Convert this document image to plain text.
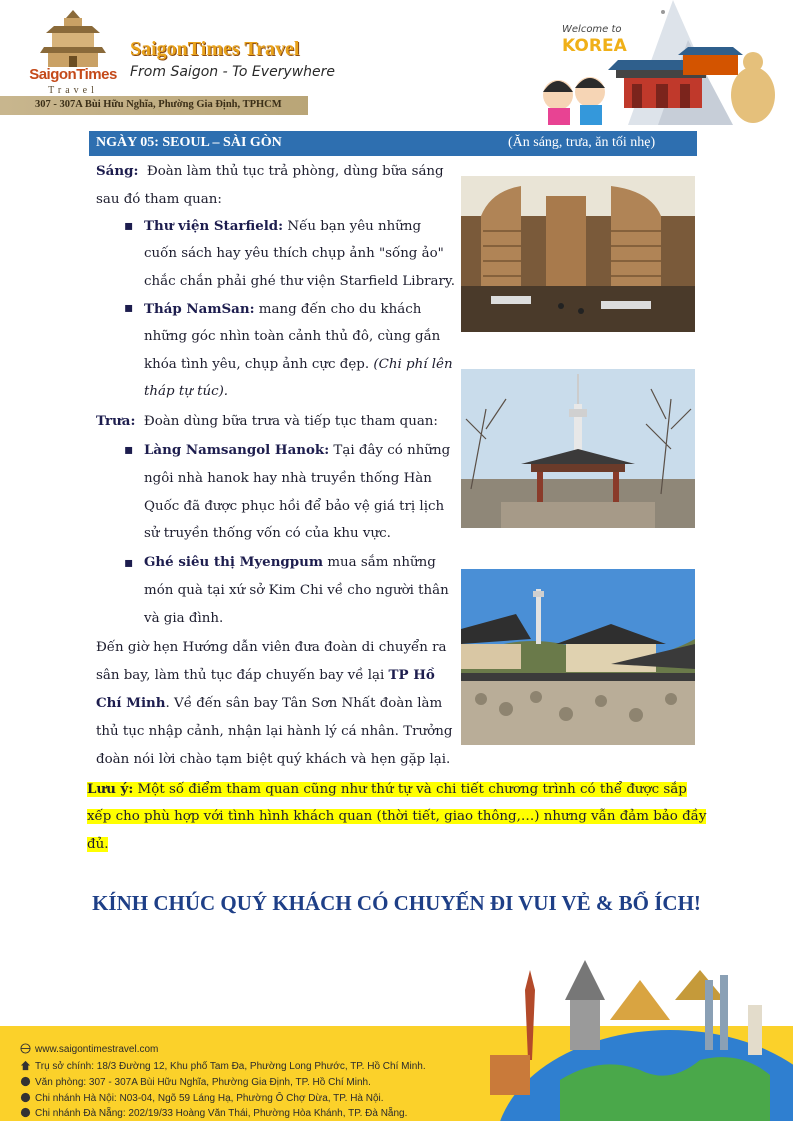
SaigonTimes
Travel
SaigonTimes Travel
From Saigon - To Everywhere
307 - 307A Bùi Hữu Nghĩa, Phường Gia Định, TPHCM
Welcome to
KOREA
NGÀY 05: SEOUL – SÀI GÒN	(Ăn sáng, trưa, ăn tối nhẹ)
Sáng: Đoàn làm thủ tục trả phòng, dùng bữa sáng
sau đó tham quan:
▪ Thư viện Starfield: Nếu bạn yêu những
cuốn sách hay yêu thích chụp ảnh "sống ảo"
chắc chắn phải ghé thư viện Starfield Library.
▪ Tháp NamSan: mang đến cho du khách
những góc nhìn toàn cảnh thủ đô, cùng gắn
khóa tình yêu, chụp ảnh cực đẹp. (Chi phí lên
tháp tự túc).
Trưa: Đoàn dùng bữa trưa và tiếp tục tham quan:
▪ Làng Namsangol Hanok: Tại đây có những
ngôi nhà hanok hay nhà truyền thống Hàn
Quốc đã được phục hồi để bảo vệ giá trị lịch
sử truyền thống vốn có của khu vực.
▪ Ghé siêu thị Myengpum mua sắm những
món quà tại xứ sở Kim Chi về cho người thân
và gia đình.
Đến giờ hẹn Hướng dẫn viên đưa đoàn di chuyển ra
sân bay, làm thủ tục đáp chuyến bay về lại TP Hồ
Chí Minh. Về đến sân bay Tân Sơn Nhất đoàn làm
thủ tục nhập cảnh, nhận lại hành lý cá nhân. Trưởng
đoàn nói lời chào tạm biệt quý khách và hẹn gặp lại.
Lưu ý: Một số điểm tham quan cũng như thứ tự và chi tiết chương trình có thể được sắp
xếp cho phù hợp với tình hình khách quan (thời tiết, giao thông,…) nhưng vẫn đảm bảo đầy
đủ.
KÍNH CHÚC QUÝ KHÁCH CÓ CHUYẾN ĐI VUI VẺ & BỔ ÍCH!
www.saigontimestravel.com
Trụ sở chính: 18/3 Đường 12, Khu phố Tam Đa, Phường Long Phước, TP. Hồ Chí Minh.
Văn phòng: 307 - 307A Bùi Hữu Nghĩa, Phường Gia Định, TP. Hồ Chí Minh.
Chi nhánh Hà Nội: N03-04, Ngõ 59 Láng Hạ, Phường Ô Chợ Dừa, TP. Hà Nội.
Chi nhánh Đà Nẵng: 202/19/33 Hoàng Văn Thái, Phường Hòa Khánh, TP. Đà Nẵng.
